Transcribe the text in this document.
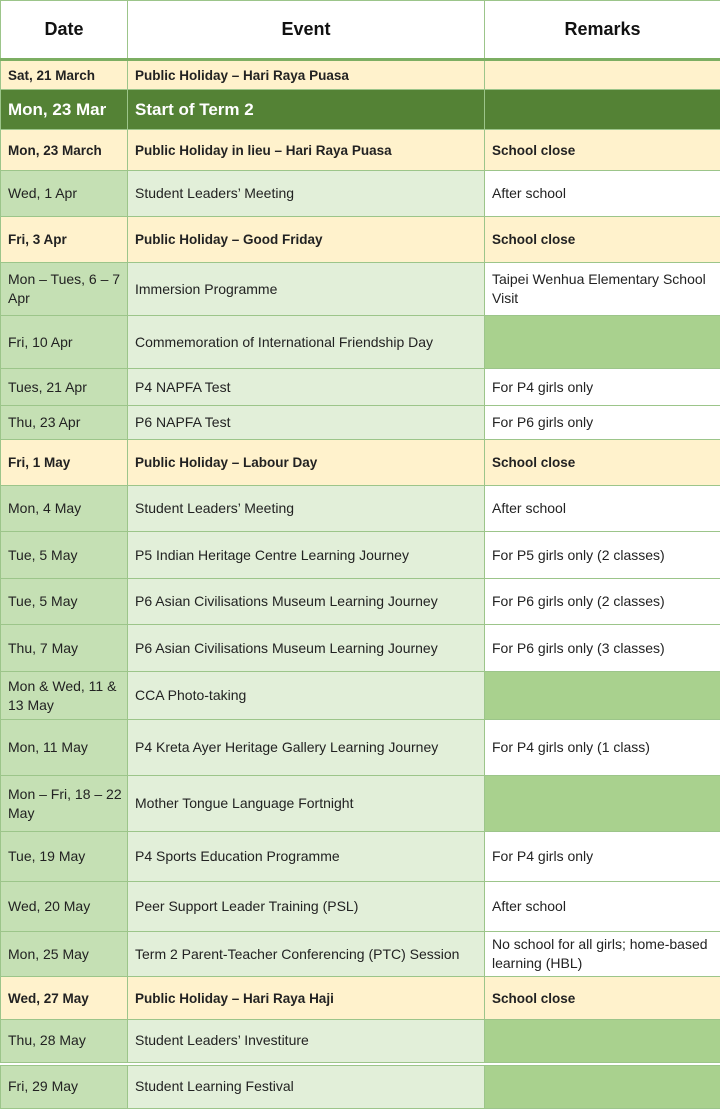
Date	Event	Remarks
Sat, 21 March	Public Holiday – Hari Raya Puasa	
Mon, 23 Mar	Start of Term 2	
Mon, 23 March	Public Holiday in lieu – Hari Raya Puasa	School close
Wed, 1 Apr	Student Leaders’ Meeting	After school
Fri, 3 Apr	Public Holiday – Good Friday	School close
Mon – Tues, 6 – 7 Apr	Immersion Programme	Taipei Wenhua Elementary School Visit
Fri, 10 Apr	Commemoration of International Friendship Day	
Tues, 21 Apr	P4 NAPFA Test	For P4 girls only
Thu, 23 Apr	P6 NAPFA Test	For P6 girls only
Fri, 1 May	Public Holiday – Labour Day	School close
Mon, 4 May	Student Leaders’ Meeting	After school
Tue, 5 May	P5 Indian Heritage Centre Learning Journey	For P5 girls only (2 classes)
Tue, 5 May	P6 Asian Civilisations Museum Learning Journey	For P6 girls only (2 classes)
Thu, 7 May	P6 Asian Civilisations Museum Learning Journey	For P6 girls only (3 classes)
Mon & Wed, 11 & 13 May	CCA Photo-taking	
Mon, 11 May	P4 Kreta Ayer Heritage Gallery Learning Journey	For P4 girls only (1 class)
Mon – Fri, 18 – 22 May	Mother Tongue Language Fortnight	
Tue, 19 May	P4 Sports Education Programme	For P4 girls only
Wed, 20 May	Peer Support Leader Training (PSL)	After school
Mon, 25 May	Term 2 Parent-Teacher Conferencing (PTC) Session	No school for all girls; home-based learning (HBL)
Wed, 27 May	Public Holiday – Hari Raya Haji	School close
Thu, 28 May	Student Leaders’ Investiture	
Fri, 29 May	Student Learning Festival	
